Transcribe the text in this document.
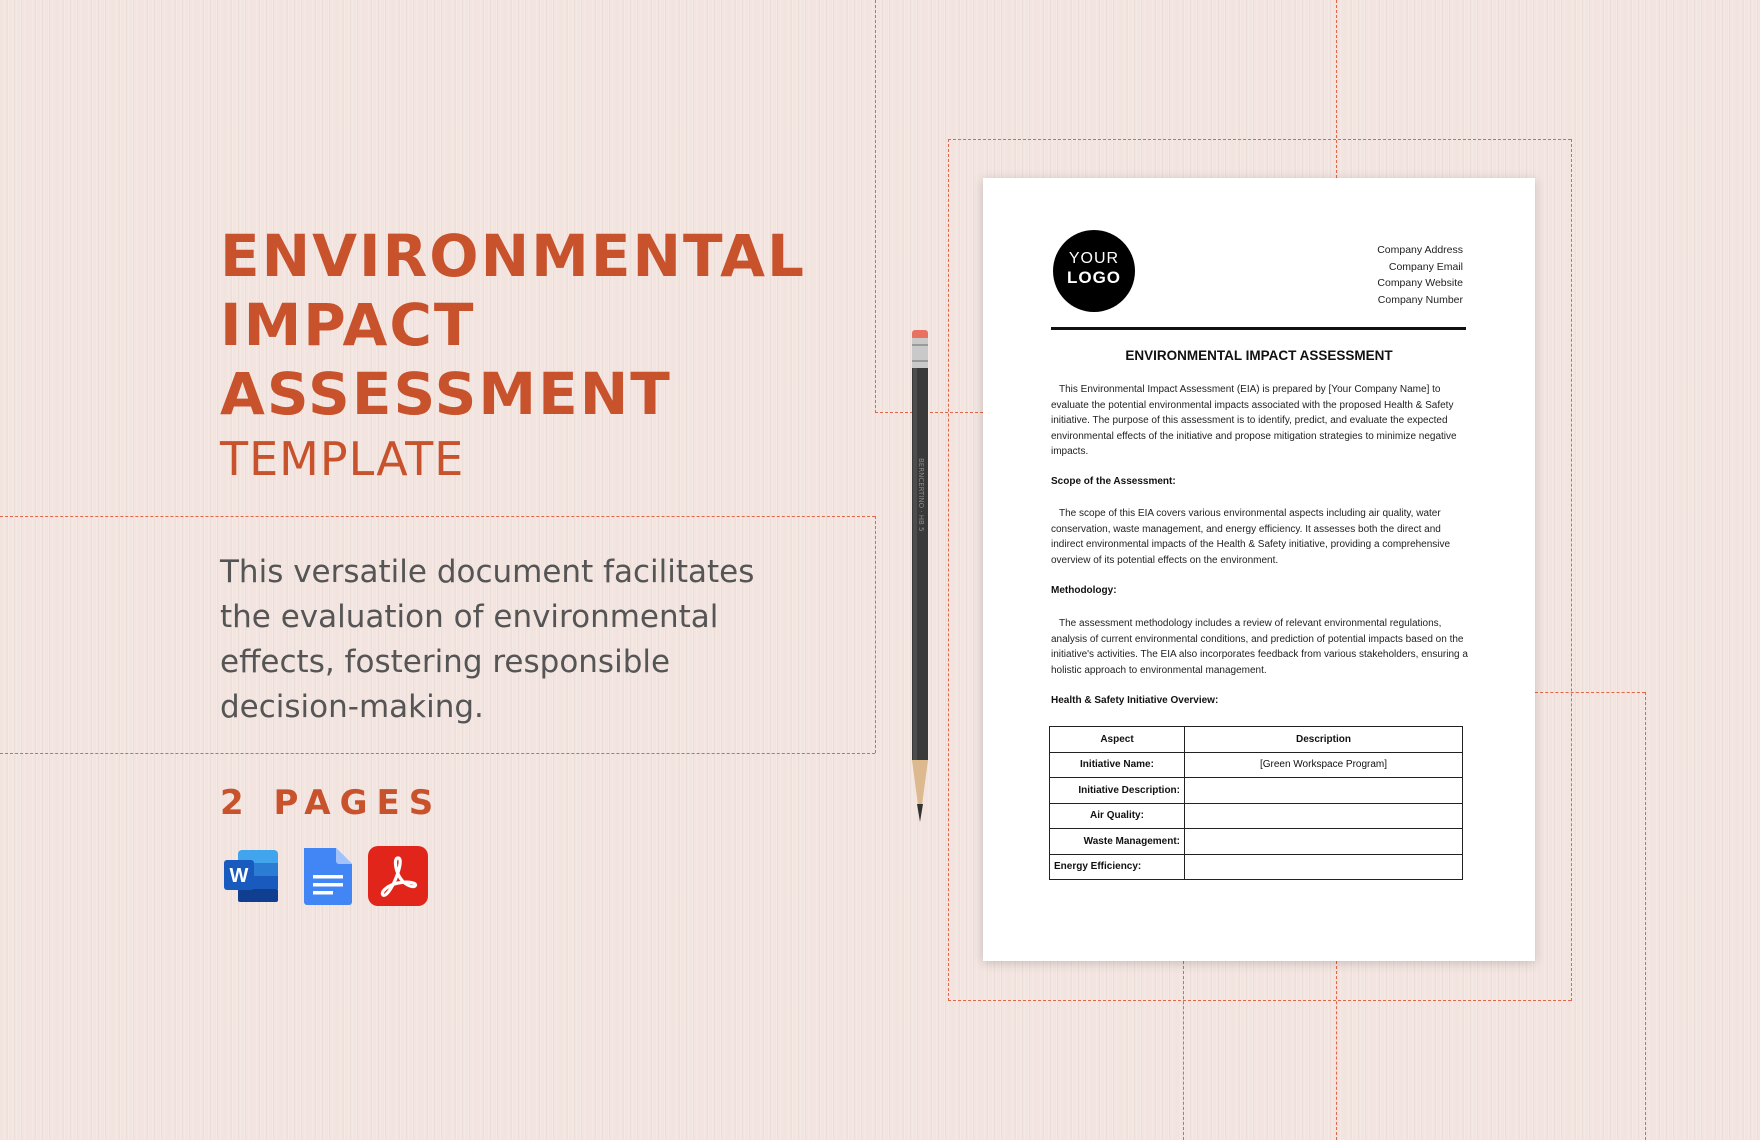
ENVIRONMENTAL
IMPACT
ASSESSMENT
TEMPLATE
This versatile document facilitates the evaluation of environmental effects, fostering responsible decision-making.
2 PAGES
W
BERNCERTINO · HB 5
YOUR
LOGO
Company Address
Company Email
Company Website
Company Number
ENVIRONMENTAL IMPACT ASSESSMENT
This Environmental Impact Assessment (EIA) is prepared by [Your Company Name] to evaluate the potential environmental impacts associated with the proposed Health & Safety initiative. The purpose of this assessment is to identify, predict, and evaluate the expected environmental effects of the initiative and propose mitigation strategies to minimize negative impacts.
Scope of the Assessment:
The scope of this EIA covers various environmental aspects including air quality, water conservation, waste management, and energy efficiency. It assesses both the direct and indirect environmental impacts of the Health & Safety initiative, providing a comprehensive overview of its potential effects on the environment.
Methodology:
The assessment methodology includes a review of relevant environmental regulations, analysis of current environmental conditions, and prediction of potential impacts based on the initiative's activities. The EIA also incorporates feedback from various stakeholders, ensuring a holistic approach to environmental management.
Health & Safety Initiative Overview:
Aspect	Description
Initiative Name:	[Green Workspace Program]
Initiative Description:	
Air Quality:	
Waste Management:	
Energy Efficiency:	
